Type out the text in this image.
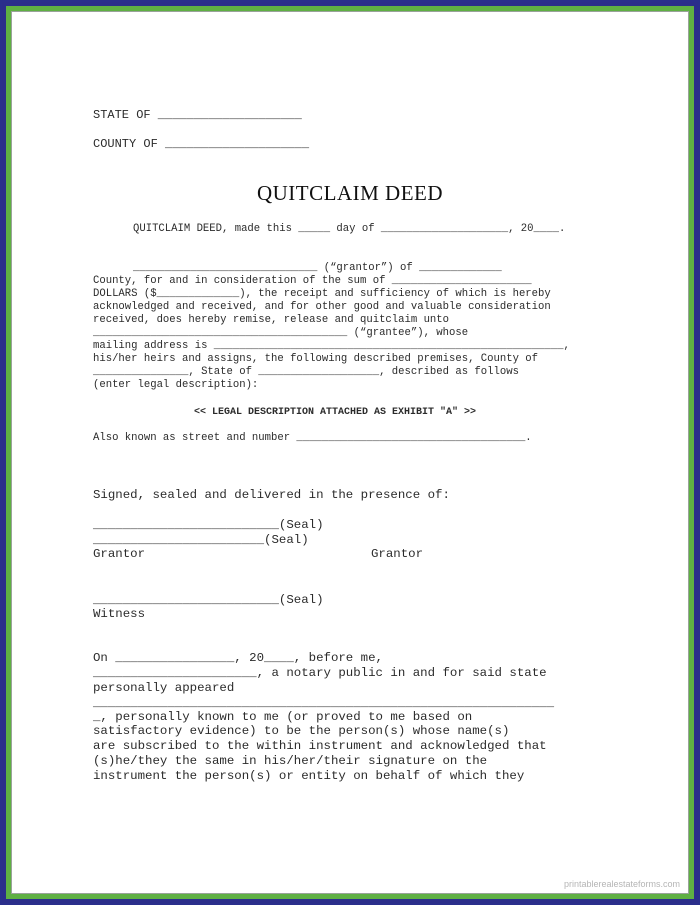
STATE OF ____________________
COUNTY OF ____________________
QUITCLAIM DEED
QUITCLAIM DEED, made this _____ day of ____________________, 20____.
_____________________________ (“grantor”) of _____________
County, for and in consideration of the sum of ______________________
DOLLARS ($_____________), the receipt and sufficiency of which is hereby
acknowledged and received, and for other good and valuable consideration
received, does hereby remise, release and quitclaim unto
________________________________________ (“grantee”), whose
mailing address is _______________________________________________________,
his/her heirs and assigns, the following described premises, County of
_______________, State of ___________________, described as follows
(enter legal description):
<< LEGAL DESCRIPTION ATTACHED AS EXHIBIT "A" >>
Also known as street and number ____________________________________.
Signed, sealed and delivered in the presence of:
_________________________(Seal)
_______________________(Seal)
Grantor	Grantor
_________________________(Seal)
Witness
On ________________, 20____, before me,
______________________, a notary public in and for said state
personally appeared
______________________________________________________________
_, personally known to me (or proved to me based on
satisfactory evidence) to be the person(s) whose name(s)
are subscribed to the within instrument and acknowledged that
(s)he/they the same in his/her/their signature on the
instrument the person(s) or entity on behalf of which they
printablerealestateforms.com
